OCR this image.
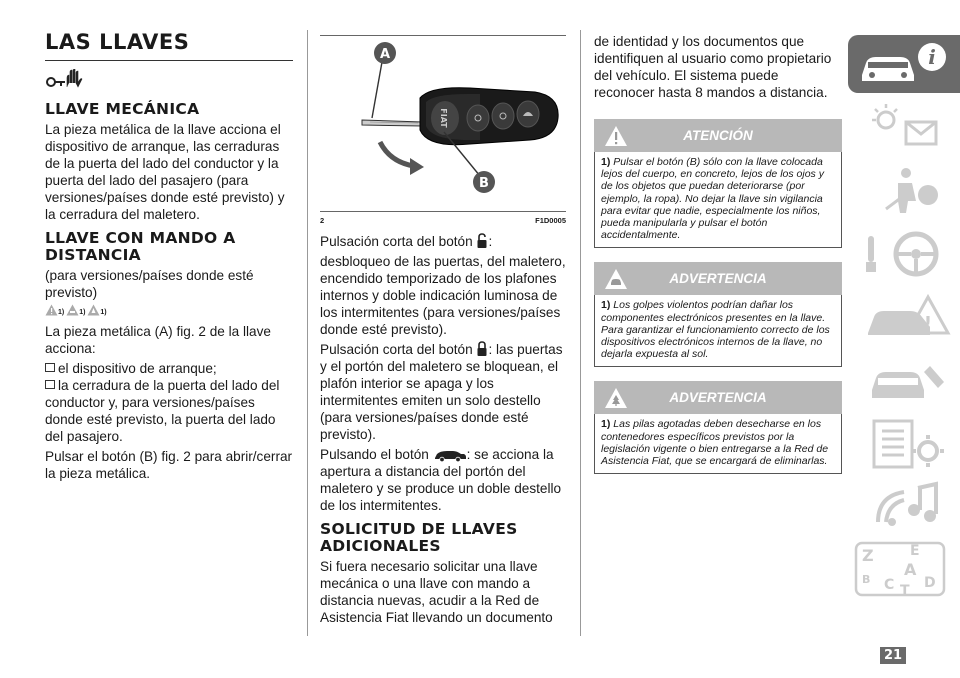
LAS LLAVES
LLAVE MECÁNICA

La pieza metálica de la llave acciona el dispositivo de arranque, las cerraduras de la puerta del lado del conductor y la puerta del lado del pasajero (para versiones/países donde esté previsto) y la cerradura del maletero.

LLAVE CON MANDO A DISTANCIA

(para versiones/países donde esté previsto)

1) 1) 1)

La pieza metálica (A) fig. 2 de la llave acciona:

el dispositivo de arranque;

la cerradura de la puerta del lado del conductor y, para versiones/países donde esté previsto, la puerta del lado del pasajero.

Pulsar el botón (B) fig. 2 para abrir/cerrar la pieza metálica.

FIAT
A
B
2	F1D0005

Pulsación corta del botón :

desbloqueo de las puertas, del maletero, encendido temporizado de los plafones internos y doble indicación luminosa de los intermitentes (para versiones/países donde esté previsto).

Pulsación corta del botón : las puertas y el portón del maletero se bloquean, el plafón interior se apaga y los intermitentes emiten un solo destello (para versiones/países donde esté previsto).

Pulsando el botón	: se acciona la apertura a distancia del portón del maletero y se produce un doble destello de los intermitentes.

SOLICITUD DE LLAVES ADICIONALES

Si fuera necesario solicitar una llave mecánica o una llave con mando a distancia nuevas, acudir a la Red de Asistencia Fiat llevando un documento

de identidad y los documentos que identifiquen al usuario como propietario del vehículo. El sistema puede reconocer hasta 8 mandos a distancia.

ATENCIÓN
1) Pulsar el botón (B) sólo con la llave colocada lejos del cuerpo, en concreto, lejos de los ojos y de los objetos que puedan deteriorarse (por ejemplo, la ropa). No dejar la llave sin vigilancia para evitar que nadie, especialmente los niños, pueda manipularla y pulsar el botón accidentalmente.
ADVERTENCIA
1) Los golpes violentos podrían dañar los componentes electrónicos presentes en la llave. Para garantizar el funcionamiento correcto de los dispositivos electrónicos internos de la llave, no dejarla expuesta al sol.
ADVERTENCIA
1) Las pilas agotadas deben desecharse en los contenedores específicos previstos por la legislación vigente o bien entregarse a la Red de Asistencia Fiat, que se encargará de eliminarlas.
i
!
Z	E
B
A
C T D
21
